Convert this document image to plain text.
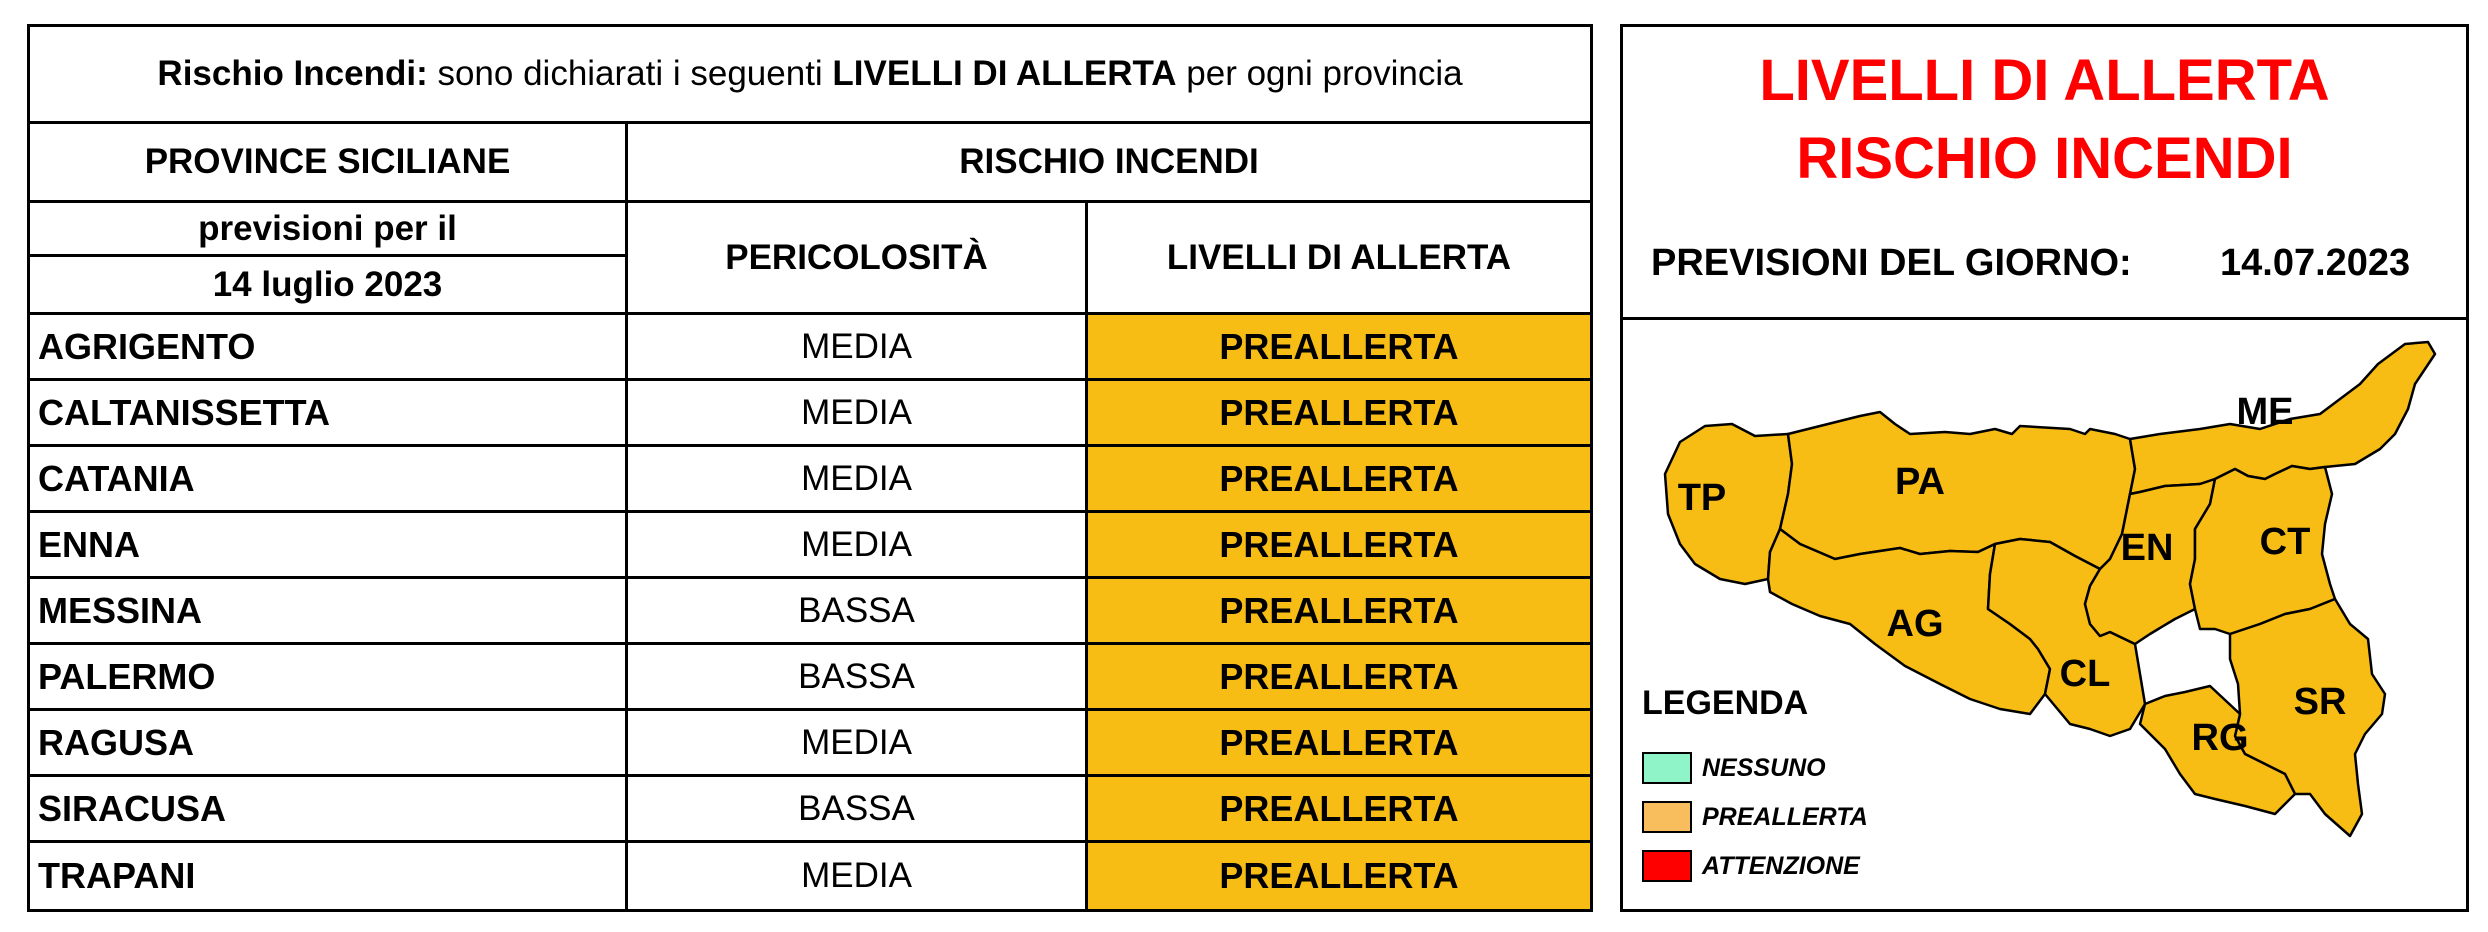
Rischio Incendi: sono dichiarati i seguenti LIVELLI DI ALLERTA per ogni provincia
PROVINCE SICILIANE	RISCHIO INCENDI
previsioni per il
14 luglio 2023
PERICOLOSITÀ	LIVELLI DI ALLERTA
AGRIGENTO	MEDIA	PREALLERTA
CALTANISSETTA	MEDIA	PREALLERTA
CATANIA	MEDIA	PREALLERTA
ENNA	MEDIA	PREALLERTA
MESSINA	BASSA	PREALLERTA
PALERMO	BASSA	PREALLERTA
RAGUSA	MEDIA	PREALLERTA
SIRACUSA	BASSA	PREALLERTA
TRAPANI	MEDIA	PREALLERTA
LIVELLI DI ALLERTA
RISCHIO INCENDI
PREVISIONI DEL GIORNO: 14.07.2023
TP	PA
ME
AG
EN CT
CL
SR
RG
LEGENDA
NESSUNO
PREALLERTA
ATTENZIONE
